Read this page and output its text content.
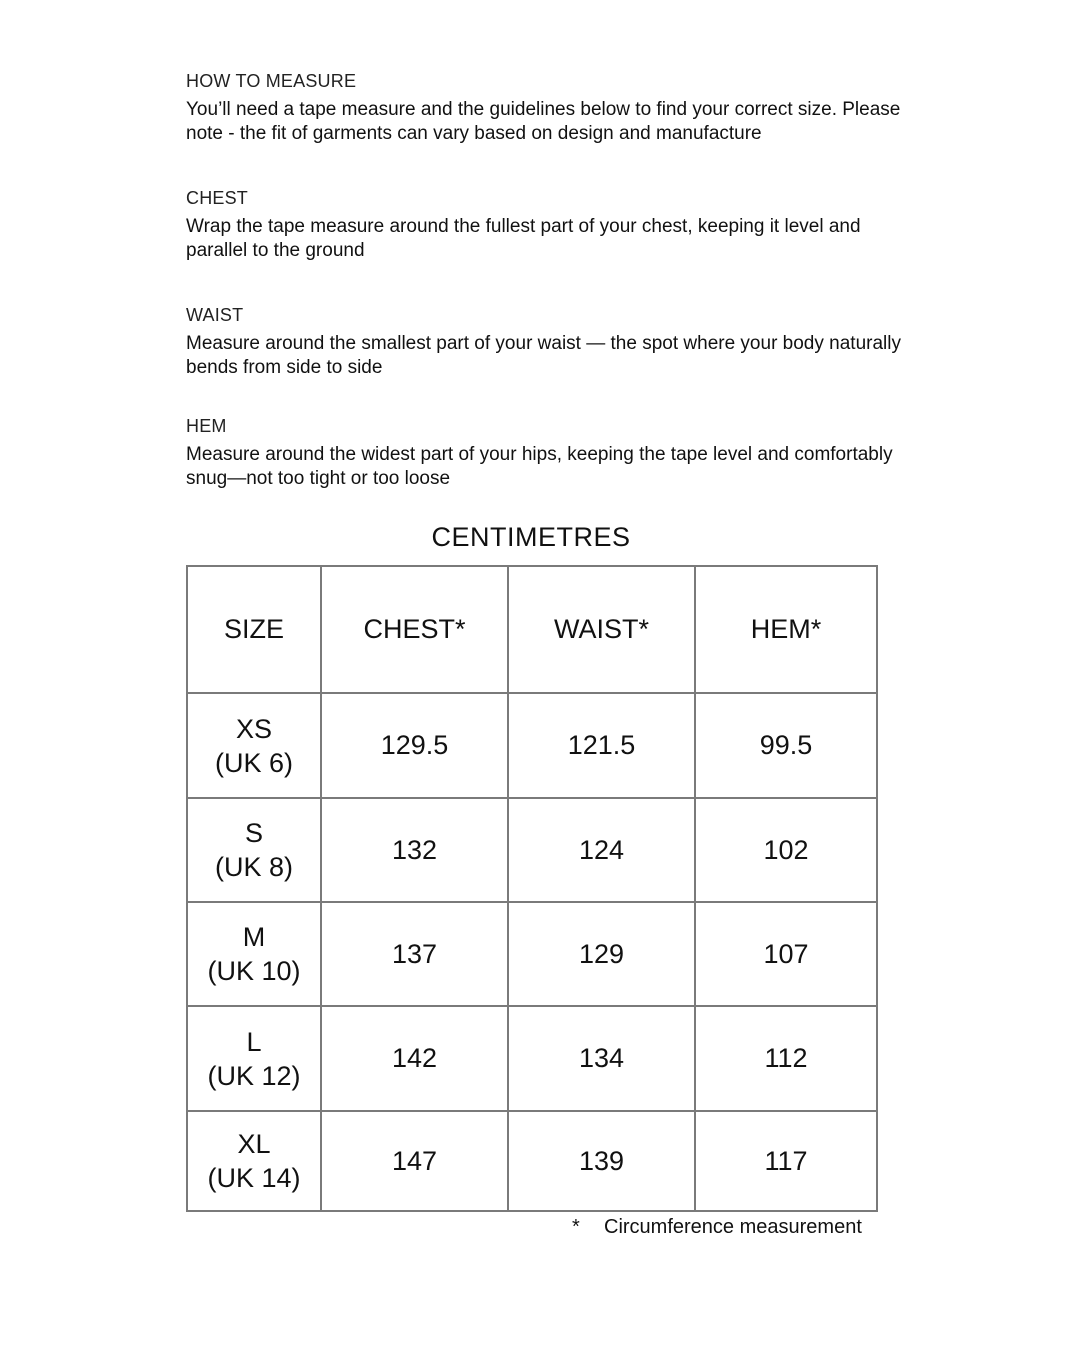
HOW TO MEASURE

You’ll need a tape measure and the guidelines below to find your correct size. Please note - the fit of garments can vary based on design and manufacture

CHEST

Wrap the tape measure around the fullest part of your chest, keeping it level and parallel to the ground

WAIST

Measure around the smallest part of your waist — the spot where your body naturally bends from side to side

HEM

Measure around the widest part of your hips, keeping the tape level and comfortably snug—not too tight or too loose

CENTIMETRES
SIZE	CHEST*	WAIST*	HEM*

XS
(UK 6)	129.5	121.5	99.5

S
(UK 8)	132	124	102

M
(UK 10)	137	129	107

L
(UK 12)	142	134	112

XL
(UK 14)	147	139	117
* Circumference measurement
